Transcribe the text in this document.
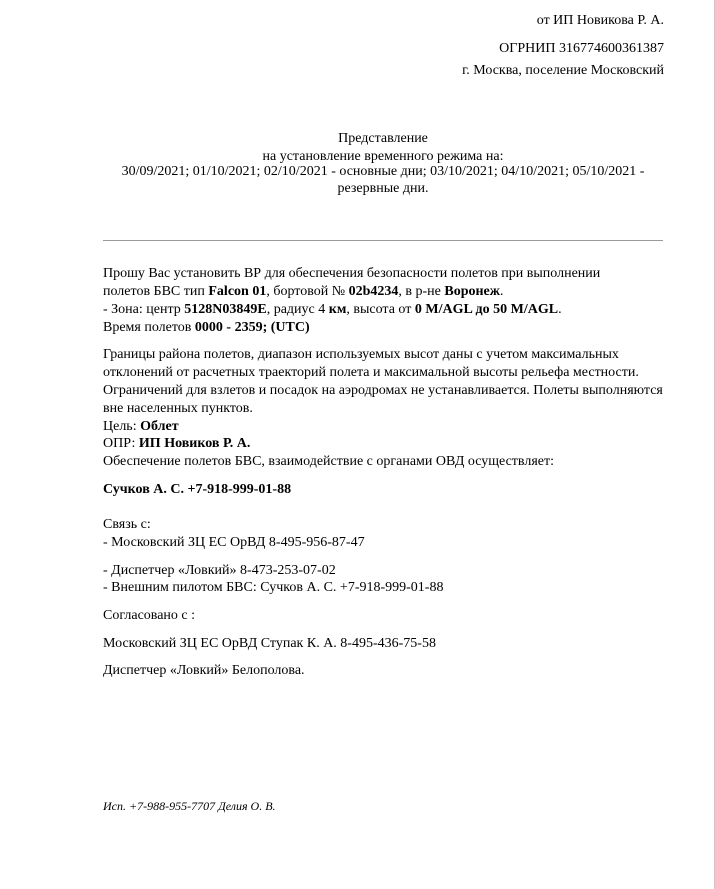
от ИП Новикова Р. А.
ОГРНИП 316774600361387
г. Москва, поселение Московский
Представление
на установление временного режима на:
30/09/2021; 01/10/2021; 02/10/2021 - основные дни; 03/10/2021; 04/10/2021; 05/10/2021 -
резервные дни.
Прошу Вас установить ВР для обеспечения безопасности полетов при выполнении
полетов БВС тип Falcon 01, бортовой № 02b4234, в р-не Воронеж.
- Зона: центр 5128N03849E, радиус 4 км, высота от 0 M/AGL до 50 M/AGL.
Время полетов 0000 - 2359; (UTC)
Границы района полетов, диапазон используемых высот даны с учетом максимальных отклонений от расчетных траекторий полета и максимальной высоты рельефа местности. Ограничений для взлетов и посадок на аэродромах не устанавливается. Полеты выполняются вне населенных пунктов.
Цель: Облет
ОПР: ИП Новиков Р. А.
Обеспечение полетов БВС, взаимодействие с органами ОВД осуществляет:
Сучков А. С. +7-918-999-01-88
Связь с:
- Московский ЗЦ ЕС ОрВД 8-495-956-87-47
- Диспетчер «Ловкий» 8-473-253-07-02
- Внешним пилотом БВС: Сучков А. С. +7-918-999-01-88
Согласовано с :
Московский ЗЦ ЕС ОрВД Ступак К. А. 8-495-436-75-58
Диспетчер «Ловкий» Белополова.
Исп. +7-988-955-7707 Делия О. В.
